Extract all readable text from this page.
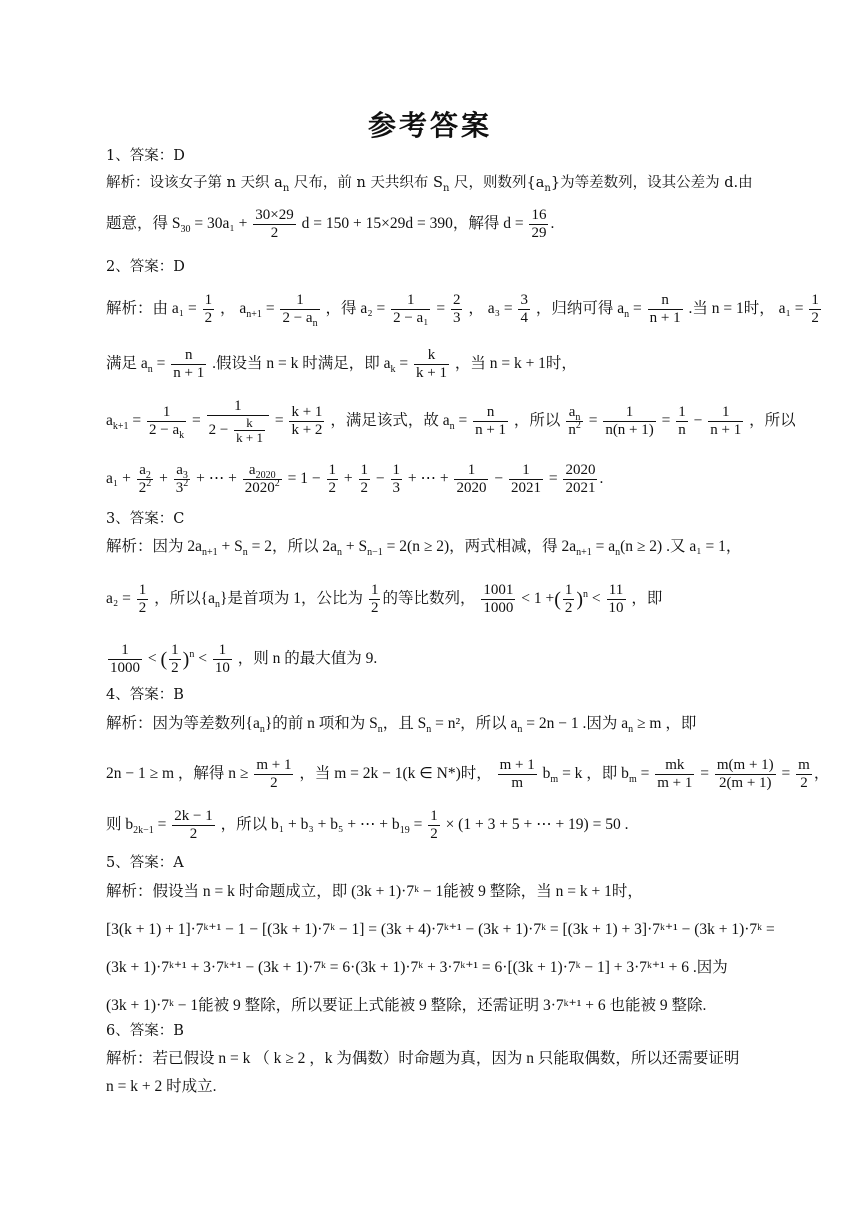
参考答案
1、答案：D
解析：设该女子第 n 天织 $a_n$ 尺布，前 n 天共织布 $S_n$ 尺，则数列$\{a_n\}$为等差数列，设其公差为 d.由
题意，得 $S_{30} = 30a_1 + \frac{30\times 29}{2}$ d = 150 + 15×29d = 390，解得 $d = \frac{16}{29}$ .
2、答案：D
解析：由 $a_1 = \frac{1}{2}$ ， $a_{n+1} = \frac{1}{2 - a_n}$ ，得 $a_2 = \frac{1}{\text{2 − a₁}} = \frac{2}{3}$ ， $a_3 = \frac{3}{4}$ ，归纳可得 $a_n = \frac{n}{n + 1}$ .当 n = 1时， $a_1 = \frac{1}{2}$
满足 $a_n = \frac{n}{n + 1}$ .假设当 n = k 时满足，即 $a_k = \frac{k}{k + 1}$ ，当 n = k + 1时，
$a_{k+1} = \frac{1}{2 - a_k} = \frac{1}{2 - \frac{k}{k + 1}} = \frac{k + 1}{k + 2}$ ，满足该式，故 $a_n = \frac{n}{n + 1}$ ，所以 $\frac{a_n}{n^2} = \frac{1}{n(n + 1)} = \frac{1}{n} - \frac{1}{n + 1}$ ，所以
$a_1 + \frac{a_2}{2^2} + \frac{a_3}{3^2}$ + ⋯ + $\frac{a_{2020}}{2020^2} = 1 - \frac{1}{2} + \frac{1}{2} - \frac{1}{3}$ + ⋯ + $\frac{1}{2020} - \frac{1}{2021} = \frac{2020}{2021}$ .
3、答案：C
解析：因为 $2a_{n+1} + S_n = 2$，所以 $2a_n + S_{n-1} = 2(n \ge 2)$，两式相减，得 $2a_{n+1} = a_n(n \ge 2)$ .又 a₁ = 1，
$a_2 = \frac{1}{2}$ ，所以$\{a_n\}$是首项为 1，公比为 $\frac{1}{2}$ 的等比数列， $\frac{1001}{1000} < 1$ +( $\frac{1}{2} )^n < \frac{11}{10}$ ，即
$\frac{1}{1000}$ < ( $\frac{1}{2} )^n < \frac{1}{10}$ ，则 n 的最大值为 9.
4、答案：B
解析：因为等差数列$\{a_n\}$的前 n 项和为 $S_n$，且 $S_n = n^2$，所以 $a_n = 2n - 1$ .因为 $a_n \ge m$ ，即
2n − 1 ≥ m ，解得 $n \ge \frac{m + 1}{2}$ ，当 m = 2k − 1(k ∈ N*)时， $\frac{m + 1}{m} b_m = k$ ，即 $b_m = \frac{mk}{m + 1} = \frac{m(m + 1)}{2(m + 1)} = \frac{m}{2}$ ，
则 $b_{2k-1} = \frac{2k - 1}{2}$ ，所以 b₁ + b₃ + b₅ + ⋯ + $b_{19} = \frac{1}{2} \times (1 + 3 + 5$ + ⋯ + 19) = 50 .
5、答案：A
解析：假设当 n = k 时命题成立，即 (3k + 1)·7ᵏ − 1能被 9 整除，当 n = k + 1时，
[3(k + 1) + 1]·7ᵏ⁺¹ − 1 − [(3k + 1)·7ᵏ − 1] = (3k + 4)·7ᵏ⁺¹ − (3k + 1)·7ᵏ = [(3k + 1) + 3]·7ᵏ⁺¹ − (3k + 1)·7ᵏ =
(3k + 1)·7ᵏ⁺¹ + 3·7ᵏ⁺¹ − (3k + 1)·7ᵏ = 6·(3k + 1)·7ᵏ + 3·7ᵏ⁺¹ = 6·[(3k + 1)·7ᵏ − 1] + 3·7ᵏ⁺¹ + 6 .因为
(3k + 1)·7ᵏ − 1能被 9 整除，所以要证上式能被 9 整除，还需证明 3·7ᵏ⁺¹ + 6 也能被 9 整除.
6、答案：B
解析：若已假设 n = k （ k ≥ 2 ，k 为偶数）时命题为真，因为 n 只能取偶数，所以还需要证明
n = k + 2 时成立.
